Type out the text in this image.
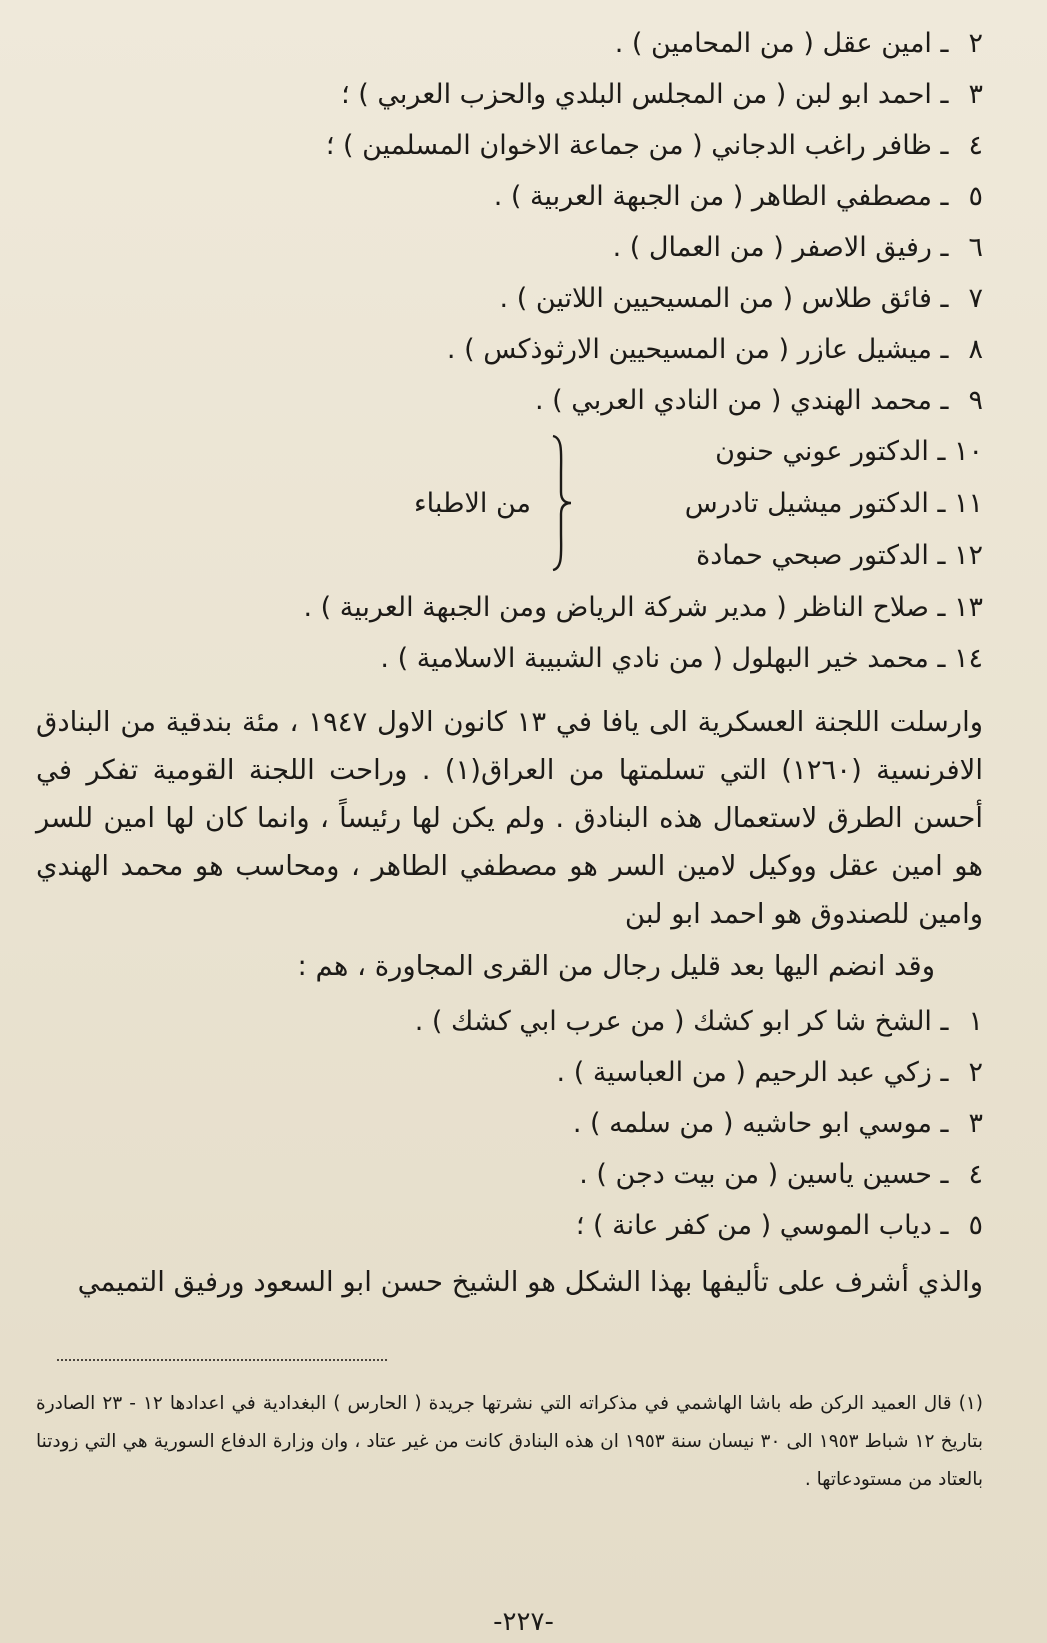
٢ ـ امين عقل ( من المحامين ) .
٣ ـ احمد ابو لبن ( من المجلس البلدي والحزب العربي ) ؛
٤ ـ ظافر راغب الدجاني ( من جماعة الاخوان المسلمين ) ؛
٥ ـ مصطفي الطاهر ( من الجبهة العربية ) .
٦ ـ رفيق الاصفر ( من العمال ) .
٧ ـ فائق طلاس ( من المسيحيين اللاتين ) .
٨ ـ ميشيل عازر ( من المسيحيين الارثوذكس ) .
٩ ـ محمد الهندي ( من النادي العربي ) .
١٠ ـ الدكتور عوني حنون
١١ ـ الدكتور ميشيل تادرس
١٢ ـ الدكتور صبحي حمادة
من الاطباء
١٣ ـ صلاح الناظر ( مدير شركة الرياض ومن الجبهة العربية ) .
١٤ ـ محمد خير البهلول ( من نادي الشبيبة الاسلامية ) .

وارسلت اللجنة العسكرية الى يافا في ١٣ كانون الاول ١٩٤٧ ، مئة بندقية من البنادق الافرنسية (١٢٦٠) التي تسلمتها من العراق(١) . وراحت اللجنة القومية تفكر في أحسن الطرق لاستعمال هذه البنادق . ولم يكن لها رئيساً ، وانما كان لها امين للسر هو امين عقل ووكيل لامين السر هو مصطفي الطاهر ، ومحاسب هو محمد الهندي وامين للصندوق هو احمد ابو لبن

وقد انضم اليها بعد قليل رجال من القرى المجاورة ، هم :

١ ـ الشخ شا كر ابو كشك ( من عرب ابي كشك ) .
٢ ـ زكي عبد الرحيم ( من العباسية ) .
٣ ـ موسي ابو حاشيه ( من سلمه ) .
٤ ـ حسين ياسين ( من بيت دجن ) .
٥ ـ دياب الموسي ( من كفر عانة ) ؛
والذي أشرف على تأليفها بهذا الشكل هو الشيخ حسن ابو السعود ورفيق التميمي

(١) قال العميد الركن طه باشا الهاشمي في مذكراته التي نشرتها جريدة ( الحارس ) البغدادية في اعدادها ١٢ - ٢٣ الصادرة بتاريخ ١٢ شباط ١٩٥٣ الى ٣٠ نيسان سنة ١٩٥٣ ان هذه البنادق كانت من غير عتاد ، وان وزارة الدفاع السورية هي التي زودتنا بالعتاد من مستودعاتها .

-٢٢٧-
